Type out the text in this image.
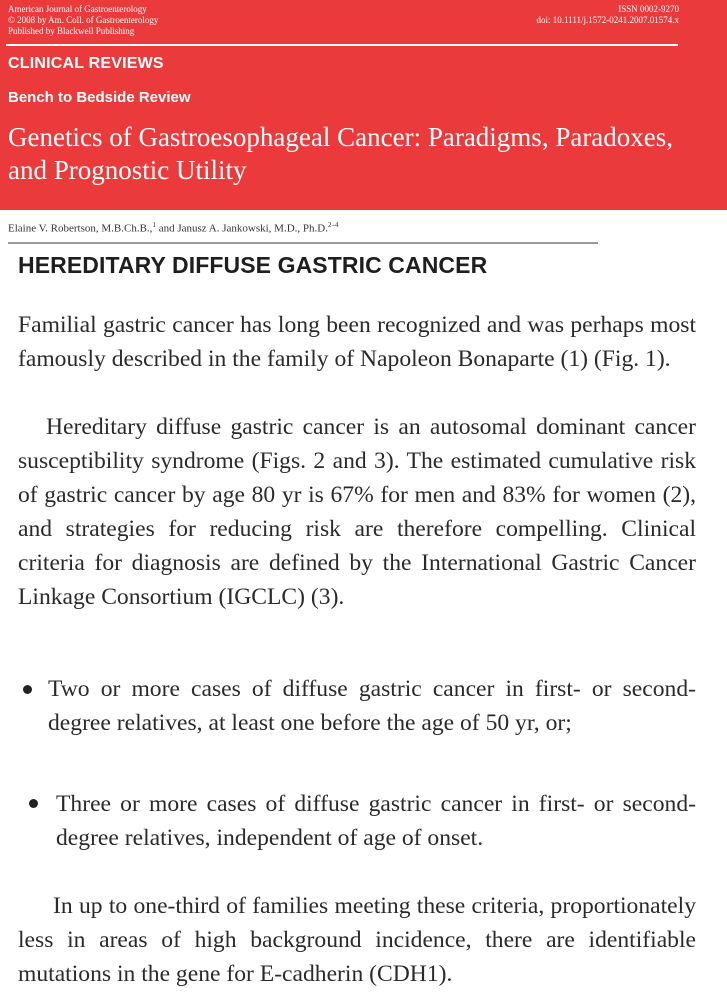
American Journal of Gastroenterology
© 2008 by Am. Coll. of Gastroenterology
Published by Blackwell Publishing
ISSN 0002-9270
doi: 10.1111/j.1572-0241.2007.01574.x
CLINICAL REVIEWS
Bench to Bedside Review
Genetics of Gastroesophageal Cancer: Paradigms, Paradoxes, and Prognostic Utility
Elaine V. Robertson, M.B.Ch.B.,$^1$ and Janusz A. Jankowski, M.D., Ph.D.$^{2-4}$
HEREDITARY DIFFUSE GASTRIC CANCER
Familial gastric cancer has long been recognized and was perhaps most famously described in the family of Napoleon Bonaparte (1) (Fig. 1).
Hereditary diffuse gastric cancer is an autosomal dominant cancer susceptibility syndrome (Figs. 2 and 3). The estimated cumulative risk of gastric cancer by age 80 yr is 67% for men and 83% for women (2), and strategies for reducing risk are therefore compelling. Clinical criteria for diagnosis are defined by the International Gastric Cancer Linkage Consortium (IGCLC) (3).
Two or more cases of diffuse gastric cancer in first- or second-degree relatives, at least one before the age of 50 yr, or;
Three or more cases of diffuse gastric cancer in first- or second-degree relatives, independent of age of onset.
In up to one-third of families meeting these criteria, proportionately less in areas of high background incidence, there are identifiable mutations in the gene for E-cadherin (CDH1).
